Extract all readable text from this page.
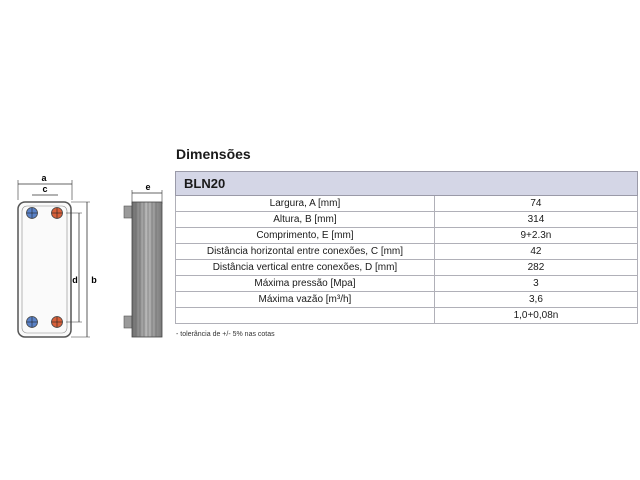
a
c
d b
e
Dimensões
BLN20	
Largura, A [mm]	74
Altura, B [mm]	314
Comprimento, E [mm]	9+2.3n
Distância horizontal entre conexões, C [mm]	42
Distância vertical entre conexões, D [mm]	282
Máxima pressão [Mpa]	3
Máxima vazão [m³/h]	3,6
	1,0+0,08n
- tolerância de +/- 5% nas cotas
